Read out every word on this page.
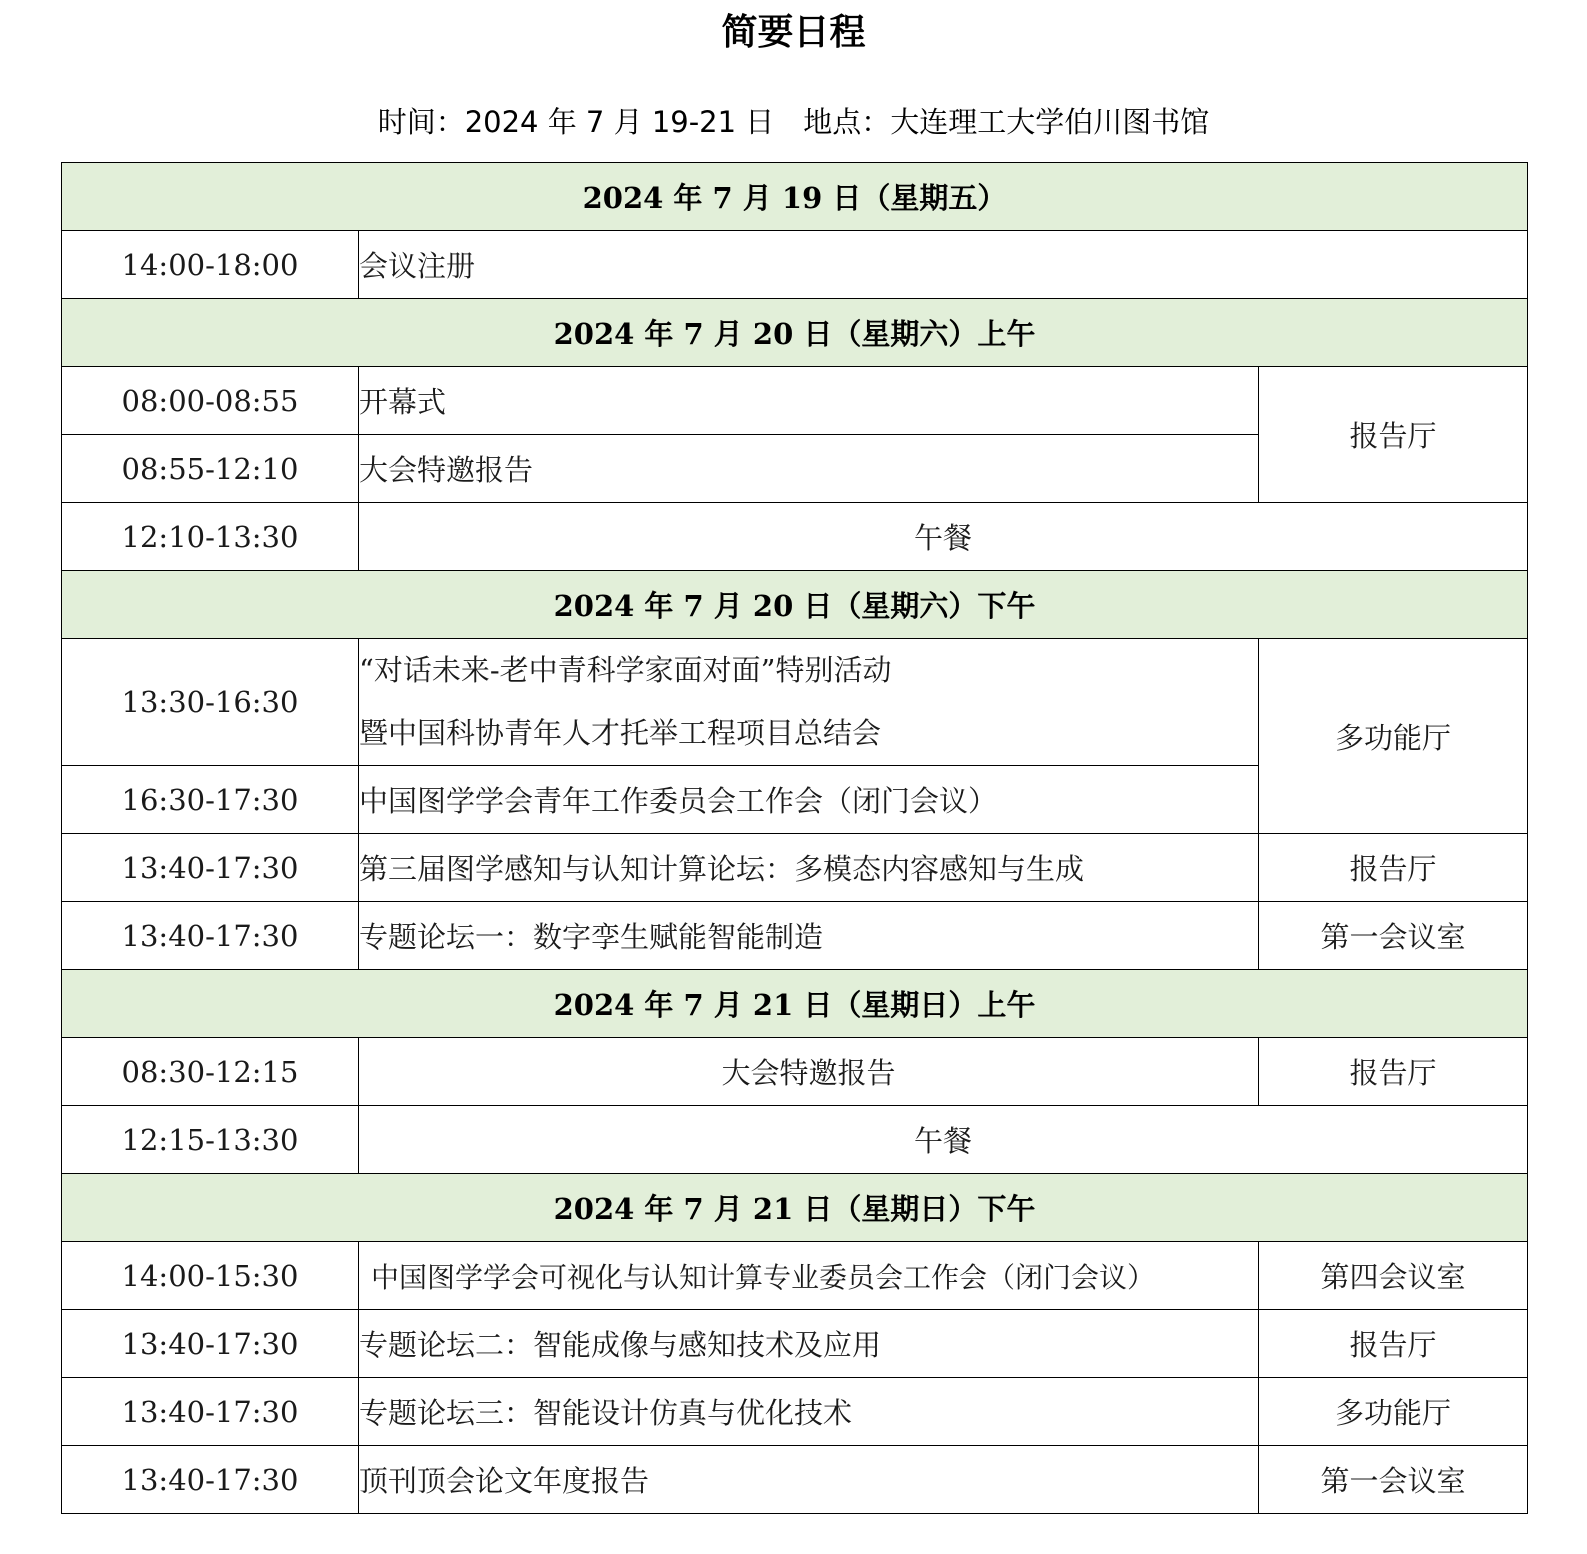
简要日程
时间：2024 年 7 月 19-21 日　地点：大连理工大学伯川图书馆
2024 年 7 月 19 日（星期五）		
14:00-18:00	会议注册	
2024 年 7 月 20 日（星期六）上午		
08:00-08:55	开幕式	报告厅
08:55-12:10	大会特邀报告	
12:10-13:30	午餐	
2024 年 7 月 20 日（星期六）下午		
13:30-16:30	“对话未来-老中青科学家面对面”特别活动
暨中国科协青年人才托举工程项目总结会	多功能厅
16:30-17:30	中国图学学会青年工作委员会工作会（闭门会议）	
13:40-17:30	第三届图学感知与认知计算论坛：多模态内容感知与生成	报告厅
13:40-17:30	专题论坛一：数字孪生赋能智能制造	第一会议室
2024 年 7 月 21 日（星期日）上午		
08:30-12:15	大会特邀报告	报告厅
12:15-13:30	午餐	
2024 年 7 月 21 日（星期日）下午		
14:00-15:30	中国图学学会可视化与认知计算专业委员会工作会（闭门会议）	第四会议室
13:40-17:30	专题论坛二：智能成像与感知技术及应用	报告厅
13:40-17:30	专题论坛三：智能设计仿真与优化技术	多功能厅
13:40-17:30	顶刊顶会论文年度报告	第一会议室
